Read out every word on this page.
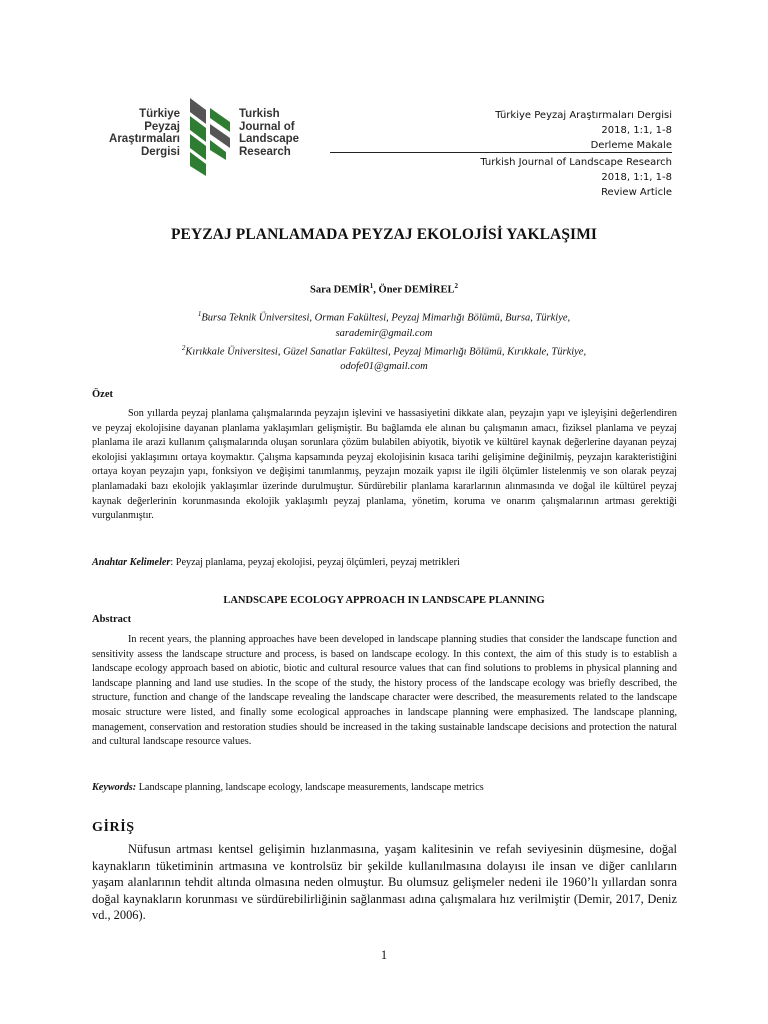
Türkiye
Peyzaj
Araştırmaları
Dergisi
Turkish
Journal of
Landscape
Research
Türkiye Peyzaj Araştırmaları Dergisi
2018, 1:1, 1-8
Derleme Makale
Turkish Journal of Landscape Research
2018, 1:1, 1-8
Review Article
PEYZAJ PLANLAMADA PEYZAJ EKOLOJİSİ YAKLAŞIMI
Sara DEMİR$^1$, Öner DEMİREL$^2$
$^1$Bursa Teknik Üniversitesi, Orman Fakültesi, Peyzaj Mimarlığı Bölümü, Bursa, Türkiye,
sarademir@gmail.com
$^2$Kırıkkale Üniversitesi, Güzel Sanatlar Fakültesi, Peyzaj Mimarlığı Bölümü, Kırıkkale, Türkiye,
odofe01@gmail.com
Özet
Son yıllarda peyzaj planlama çalışmalarında peyzajın işlevini ve hassasiyetini dikkate alan, peyzajın yapı ve işleyişini değerlendiren ve peyzaj ekolojisine dayanan planlama yaklaşımları gelişmiştir. Bu bağlamda ele alınan bu çalışmanın amacı, fiziksel planlama ve peyzaj planlama ile arazi kullanım çalışmalarında oluşan sorunlara çözüm bulabilen abiyotik, biyotik ve kültürel kaynak değerlerine dayanan peyzaj ekolojisi yaklaşımını ortaya koymaktır. Çalışma kapsamında peyzaj ekolojisinin kısaca tarihi gelişimine değinilmiş, peyzajın karakteristiğini ortaya koyan peyzajın yapı, fonksiyon ve değişimi tanımlanmış, peyzajın mozaik yapısı ile ilgili ölçümler listelenmiş ve son olarak peyzaj planlamadaki bazı ekolojik yaklaşımlar üzerinde durulmuştur. Sürdürebilir planlama kararlarının alınmasında ve doğal ile kültürel peyzaj kaynak değerlerinin korunmasında ekolojik yaklaşımlı peyzaj planlama, yönetim, koruma ve onarım çalışmalarının artması gerektiği vurgulanmıştır.
Anahtar Kelimeler: Peyzaj planlama, peyzaj ekolojisi, peyzaj ölçümleri, peyzaj metrikleri
LANDSCAPE ECOLOGY APPROACH IN LANDSCAPE PLANNING
Abstract
In recent years, the planning approaches have been developed in landscape planning studies that consider the landscape function and sensitivity assess the landscape structure and process, is based on landscape ecology. In this context, the aim of this study is to establish a landscape ecology approach based on abiotic, biotic and cultural resource values that can find solutions to problems in physical planning and landscape planning and land use studies. In the scope of the study, the history process of the landscape ecology was briefly described, the structure, function and change of the landscape revealing the landscape character were described, the measurements related to the landscape mosaic structure were listed, and finally some ecological approaches in landscape planning were emphasized. The landscape planning, management, conservation and restoration studies should be increased in the taking sustainable landscape decisions and protection the natural and cultural landscape resource values.
Keywords: Landscape planning, landscape ecology, landscape measurements, landscape metrics
GİRİŞ
Nüfusun artması kentsel gelişimin hızlanmasına, yaşam kalitesinin ve refah seviyesinin düşmesine, doğal kaynakların tüketiminin artmasına ve kontrolsüz bir şekilde kullanılmasına dolayısı ile insan ve diğer canlıların yaşam alanlarının tehdit altında olmasına neden olmuştur. Bu olumsuz gelişmeler nedeni ile 1960’lı yıllardan sonra doğal kaynakların korunması ve sürdürebilirliğinin sağlanması adına çalışmalara hız verilmiştir (Demir, 2017, Deniz vd., 2006).
1
